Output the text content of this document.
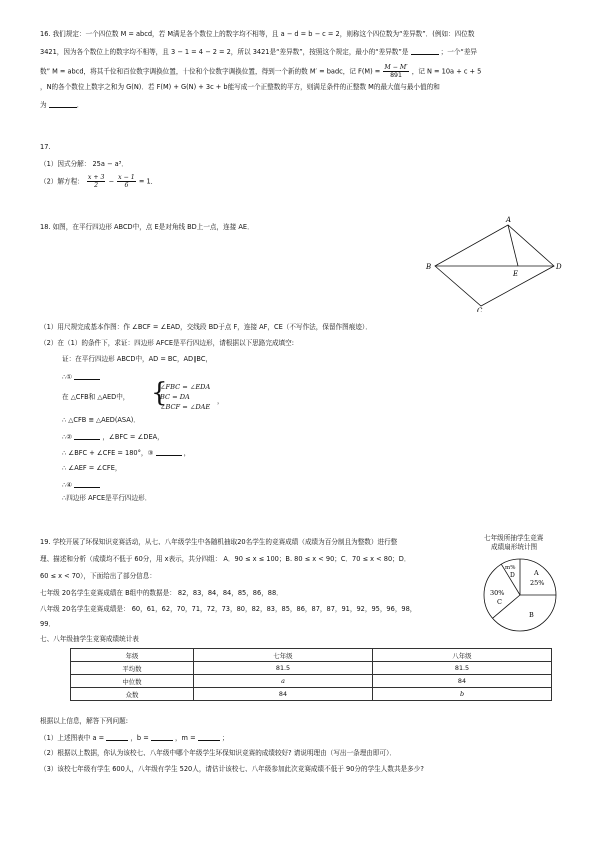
16. 我们规定：一个四位数 M = abcd，若 M满足各个数位上的数字均不相等，且 a − d = b − c = 2，则称这个四位数为“差异数”．(例如：四位数
3421，因为各个数位上的数字均不相等，且 3 − 1 = 4 − 2 = 2，所以 3421是“差异数”，按照这个规定，最小的“差异数”是	；一个“差异
数” M = abcd，将其千位和百位数字调换位置，十位和个位数字调换位置，得到一个新的数 M′ = badc，记 $F(M) = \frac{M - M'}{891}$ ，记 N = 10a + c + 5
，N的各个数位上数字之和为 G(N)．若 F(M) + G(N) + 3c + b能写成一个正整数的平方，则满足条件的正整数 M的最大值与最小值的和
为	．
17.
（1）因式分解： 25a − a³．
（2）解方程： $\frac{x + 3}{2} - \frac{x - 1}{6} = 1$．
18. 如图，在平行四边形 ABCD中，点 E是对角线 BD上一点，连接 AE．
A
B	D
E
C
（1）用尺规完成基本作图：作 ∠BCF = ∠EAD，交线段 BD于点 F，连接 AF，CE（不写作法，保留作图痕迹）．
（2）在（1）的条件下，求证：四边形 AFCE是平行四边形，请根据以下思路完成填空:
证：在平行四边形 ABCD中，AD = BC，AD∥BC，
∴①
在 △CFB和 △AED中， {
∠FBC = ∠EDA
BC = DA
∠BCF = ∠DAE
，
∴ △CFB ≌ △AED(ASA)．
∴②	，∠BFC = ∠DEA，
∴ ∠BFC + ∠CFE = 180°，③	，
∴ ∠AEF = ∠CFE，
∴④
∴四边形 AFCE是平行四边形．
19. 学校开展了环保知识竞赛活动，从七、八年级学生中各随机抽取20名学生的竞赛成绩（成绩为百分制且为整数）进行整
理、描述和分析（成绩均不低于 60分，用 x表示，共分四组： A．90 ≤ x ≤ 100；B. 80 ≤ x < 90；C．70 ≤ x < 80；D．
60 ≤ x < 70），下面给出了部分信息：
七年级 20名学生竞赛成绩在 B组中的数据是： 82，83，84，84，85，86，88．
八年级 20名学生竞赛成绩是： 60，61，62，70，71，72，73，80，82，83，85，86，87，87，91，92，95，96，98，
99．
七年级所抽学生竞赛
成绩扇形统计图
A
25%
B
30%
C
m%
D
七、八年级抽学生竞赛成绩统计表
年级	七年级	八年级
平均数	81.5	81.5
中位数	a	84
众数	84	b
根据以上信息，解答下列问题:
（1）上述图表中 a =	，b =	，m =	；
（2）根据以上数据，你认为该校七、八年级中哪个年级学生环保知识竞赛的成绩较好? 请说明理由（写出一条理由即可）．
（3）该校七年级有学生 600人，八年级有学生 520人，请估计该校七、八年级参加此次竞赛成绩不低于 90分的学生人数共是多少?
